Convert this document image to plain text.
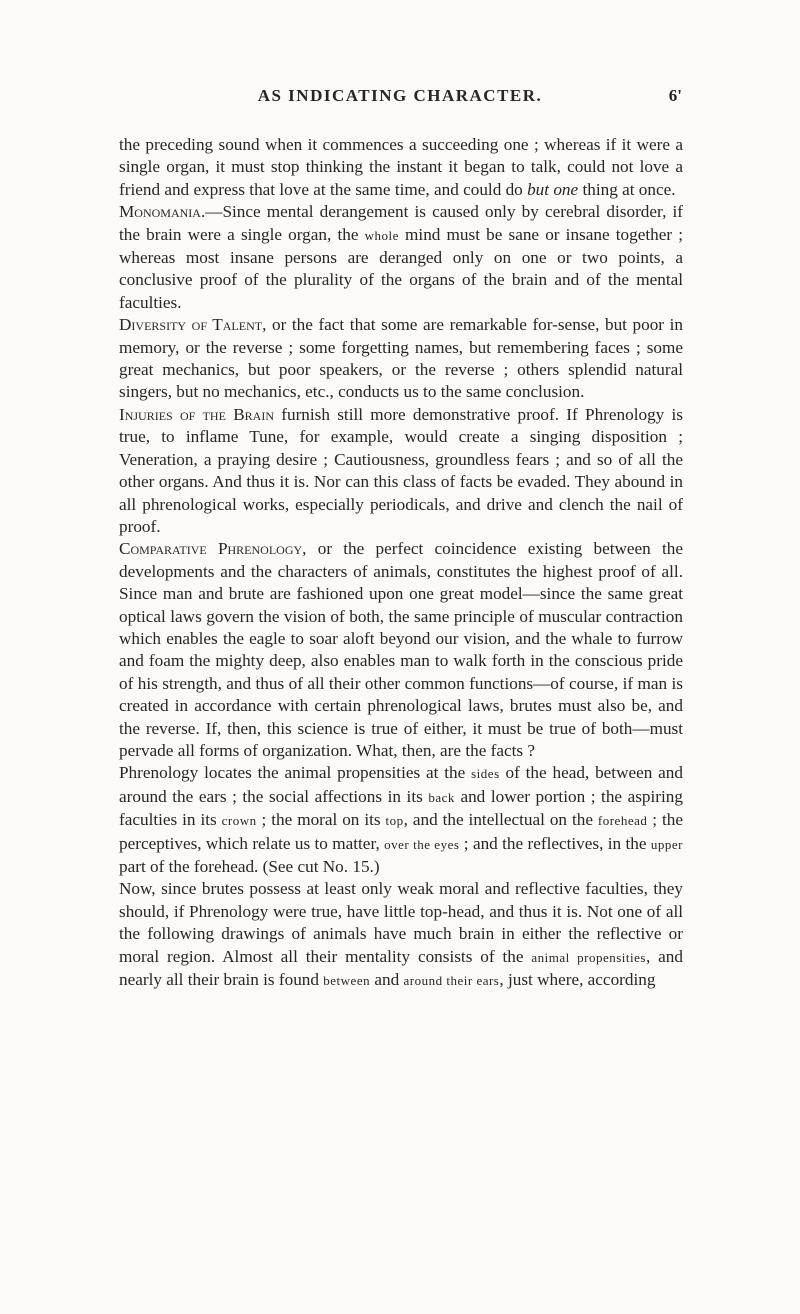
AS INDICATING CHARACTER.	6'

the preceding sound when it commences a succeeding one ; whereas if it were a single organ, it must stop thinking the instant it began to talk, could not love a friend and express that love at the same time, and could do but one thing at once.

Monomania.—Since mental derangement is caused only by cerebral disorder, if the brain were a single organ, the whole mind must be sane or insane together ; whereas most insane persons are deranged only on one or two points, a conclusive proof of the plurality of the organs of the brain and of the mental faculties.

Diversity of Talent, or the fact that some are remarkable for-sense, but poor in memory, or the reverse ; some forgetting names, but remembering faces ; some great mechanics, but poor speakers, or the reverse ; others splendid natural singers, but no mechanics, etc., conducts us to the same conclusion.

Injuries of the Brain furnish still more demonstrative proof. If Phrenology is true, to inflame Tune, for example, would create a singing disposition ; Veneration, a praying desire ; Cautiousness, groundless fears ; and so of all the other organs. And thus it is. Nor can this class of facts be evaded. They abound in all phrenological works, especially periodicals, and drive and clench the nail of proof.

Comparative Phrenology, or the perfect coincidence existing between the developments and the characters of animals, constitutes the highest proof of all. Since man and brute are fashioned upon one great model—since the same great optical laws govern the vision of both, the same principle of muscular contraction which enables the eagle to soar aloft beyond our vision, and the whale to furrow and foam the mighty deep, also enables man to walk forth in the conscious pride of his strength, and thus of all their other common functions—of course, if man is created in accordance with certain phrenological laws, brutes must also be, and the reverse. If, then, this science is true of either, it must be true of both—must pervade all forms of organization. What, then, are the facts ?

Phrenology locates the animal propensities at the sides of the head, between and around the ears ; the social affections in its back and lower portion ; the aspiring faculties in its crown ; the moral on its top, and the intellectual on the forehead ; the perceptives, which relate us to matter, over the eyes ; and the reflectives, in the upper part of the forehead. (See cut No. 15.)

Now, since brutes possess at least only weak moral and reflective faculties, they should, if Phrenology were true, have little top-head, and thus it is. Not one of all the following drawings of animals have much brain in either the reflective or moral region. Almost all their mentality consists of the animal propensities, and nearly all their brain is found between and around their ears, just where, according
